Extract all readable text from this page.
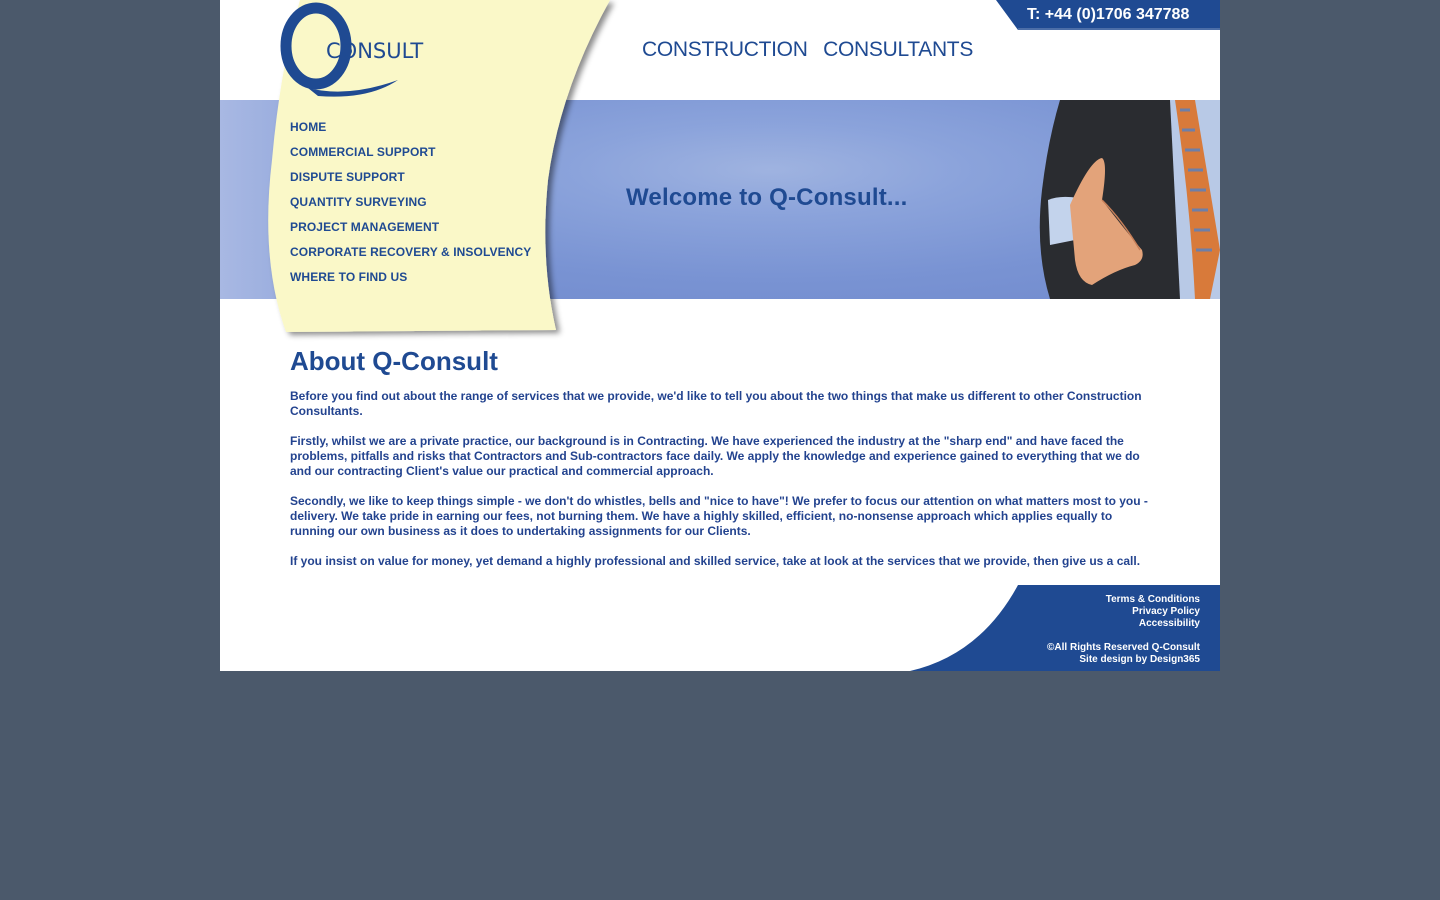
CONSULT	CONSTRUCTION CONSULTANTS
T: +44 (0)1706 347788
Welcome to Q-Consult...
HOME
COMMERCIAL SUPPORT
DISPUTE SUPPORT
QUANTITY SURVEYING
PROJECT MANAGEMENT
CORPORATE RECOVERY & INSOLVENCY
WHERE TO FIND US
About Q-Consult

Before you find out about the range of services that we provide, we'd like to tell you about the two things that make us different to other Construction Consultants.

Firstly, whilst we are a private practice, our background is in Contracting. We have experienced the industry at the "sharp end" and have faced the problems, pitfalls and risks that Contractors and Sub-contractors face daily. We apply the knowledge and experience gained to everything that we do and our contracting Client's value our practical and commercial approach.

Secondly, we like to keep things simple - we don't do whistles, bells and "nice to have"! We prefer to focus our attention on what matters most to you - delivery. We take pride in earning our fees, not burning them. We have a highly skilled, efficient, no-nonsense approach which applies equally to running our own business as it does to undertaking assignments for our Clients.

If you insist on value for money, yet demand a highly professional and skilled service, take at look at the services that we provide, then give us a call.

Terms & Conditions
Privacy Policy
Accessibility
©All Rights Reserved Q-Consult
Site design by Design365
